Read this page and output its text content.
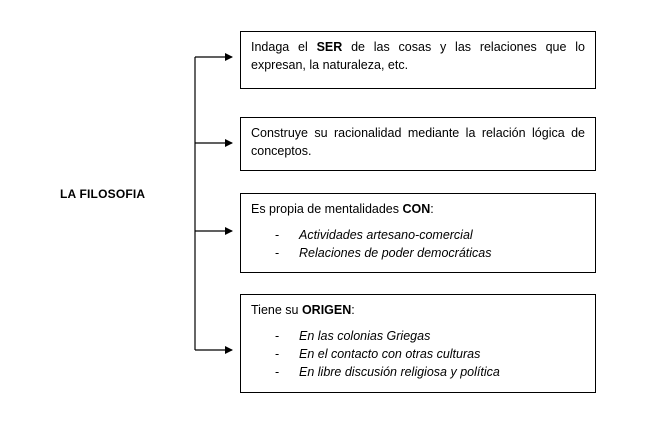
LA FILOSOFIA

Indaga el SER de las cosas y las relaciones que lo expresan, la naturaleza, etc.

Construye su racionalidad mediante la relación lógica de conceptos.

Es propia de mentalidades CON:

- Actividades artesano-comercial
- Relaciones de poder democráticas

Tiene su ORIGEN:

- En las colonias Griegas
- En el contacto con otras culturas
- En libre discusión religiosa y política
